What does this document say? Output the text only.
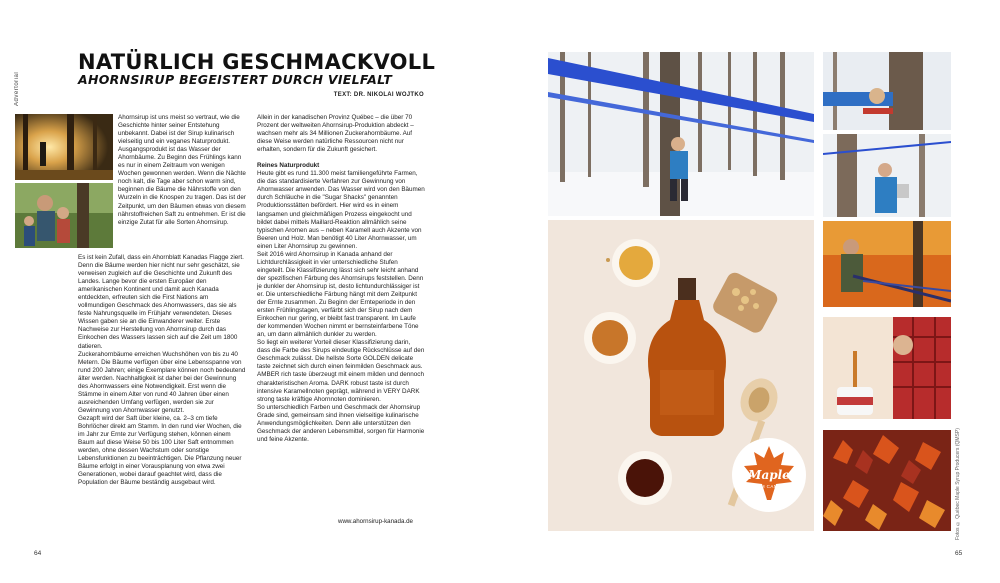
Advertorial
NATÜRLICH GESCHMACKVOLL
AHORNSIRUP BEGEISTERT DURCH VIELFALT
TEXT: DR. NIKOLAI WOJTKO

Ahornsirup ist uns meist so vertraut, wie die Geschichte hinter seiner Entstehung unbekannt. Dabei ist der Sirup kulinarisch vielseitig und ein veganes Naturprodukt. Ausgangsprodukt ist das Wasser der Ahornbäume. Zu Beginn des Frühlings kann es nur in einem Zeitraum von wenigen Wochen gewonnen werden. Wenn die Nächte noch kalt, die Tage aber schon warm sind, beginnen die Bäume die Nährstoffe von den Wurzeln in die Knospen zu tragen. Das ist der Zeitpunkt, um den Bäumen etwas von diesem nährstoffreichen Saft zu entnehmen. Er ist die einzige Zutat für alle Sorten Ahornsirup.

Es ist kein Zufall, dass ein Ahornblatt Kanadas Flagge ziert. Denn die Bäume werden hier nicht nur sehr geschätzt, sie verweisen zugleich auf die Geschichte und Zukunft des Landes. Lange bevor die ersten Europäer den amerikanischen Kontinent und damit auch Kanada entdeckten, erfreuten sich die First Nations am vollmundigen Geschmack des Ahornwassers, das sie als feste Nahrungsquelle im Frühjahr verwendeten. Dieses Wissen gaben sie an die Einwanderer weiter. Erste Nachweise zur Herstellung von Ahornsirup durch das Einkochen des Wassers lassen sich auf die Zeit um 1800 datieren.

Zuckerahornbäume erreichen Wuchshöhen von bis zu 40 Metern. Die Bäume verfügen über eine Lebensspanne von rund 200 Jahren; einige Exemplare können noch bedeutend älter werden. Nachhaltigkeit ist daher bei der Gewinnung des Ahornwassers eine Notwendigkeit. Erst wenn die Stämme in einem Alter von rund 40 Jahren über einen ausreichenden Umfang verfügen, werden sie zur Gewinnung von Ahornwasser genutzt.

Gezapft wird der Saft über kleine, ca. 2–3 cm tiefe Bohrlöcher direkt am Stamm. In den rund vier Wochen, die im Jahr zur Ernte zur Verfügung stehen, können einem Baum auf diese Weise 50 bis 100 Liter Saft entnommen werden, ohne dessen Wachstum oder sonstige Lebensfunktionen zu beeinträchtigen. Die Pflanzung neuer Bäume erfolgt in einer Vorausplanung von etwa zwei Generationen, wobei darauf geachtet wird, dass die Population der Bäume beständig ausgebaut wird.

Allein in der kanadischen Provinz Québec – die über 70 Prozent der weltweiten Ahornsirup-Produktion abdeckt – wachsen mehr als 34 Millionen Zuckerahornbäume. Auf diese Weise werden natürliche Ressourcen nicht nur erhalten, sondern für die Zukunft gesichert.

Reines Naturprodukt

Heute gibt es rund 11.300 meist familiengeführte Farmen, die das standardisierte Verfahren zur Gewinnung von Ahornwasser anwenden. Das Wasser wird von den Bäumen durch Schläuche in die "Sugar Shacks" genannten Produktionsstätten befördert. Hier wird es in einem langsamen und gleichmäßigen Prozess eingekocht und bildet dabei mittels Maillard-Reaktion allmählich seine typischen Aromen aus – neben Karamell auch Akzente von Beeren und Holz. Man benötigt 40 Liter Ahornwasser, um einen Liter Ahornsirup zu gewinnen.

Seit 2016 wird Ahornsirup in Kanada anhand der Lichtdurchlässigkeit in vier unterschiedliche Stufen eingeteilt. Die Klassifizierung lässt sich sehr leicht anhand der spezifischen Färbung des Ahornsirups feststellen. Denn je dunkler der Ahornsirup ist, desto lichtundurchlässiger ist er. Die unterschiedliche Färbung hängt mit dem Zeitpunkt der Ernte zusammen. Zu Beginn der Ernteperiode in den ersten Frühlingstagen, verfärbt sich der Sirup nach dem Einkochen nur gering, er bleibt fast transparent. Im Laufe der kommenden Wochen nimmt er bernsteinfarbene Töne an, um dann allmählich dunkler zu werden.

So liegt ein weiterer Vorteil dieser Klassifizierung darin, dass die Farbe des Sirups eindeutige Rückschlüsse auf den Geschmack zulässt. Die hellste Sorte GOLDEN delicate taste zeichnet sich durch einen feinmilden Geschmack aus. AMBER rich taste überzeugt mit einem milden und dennoch charakteristischen Aroma. DARK robust taste ist durch intensive Karamellnoten geprägt, während in VERY DARK strong taste kräftige Ahornnoten dominieren.

So unterschiedlich Farben und Geschmack der Ahornsirup Grade sind, gemeinsam sind ihnen vielseitige kulinarische Anwendungsmöglichkeiten. Denn alle unterstützen den Geschmack der anderen Lebensmittel, sorgen für Harmonie und feine Akzente.

www.ahornsirup-kanada.de
64	65
Maple
FROM CANADA	Fotos © Québec Maple Syrup Producers (QMSP)
